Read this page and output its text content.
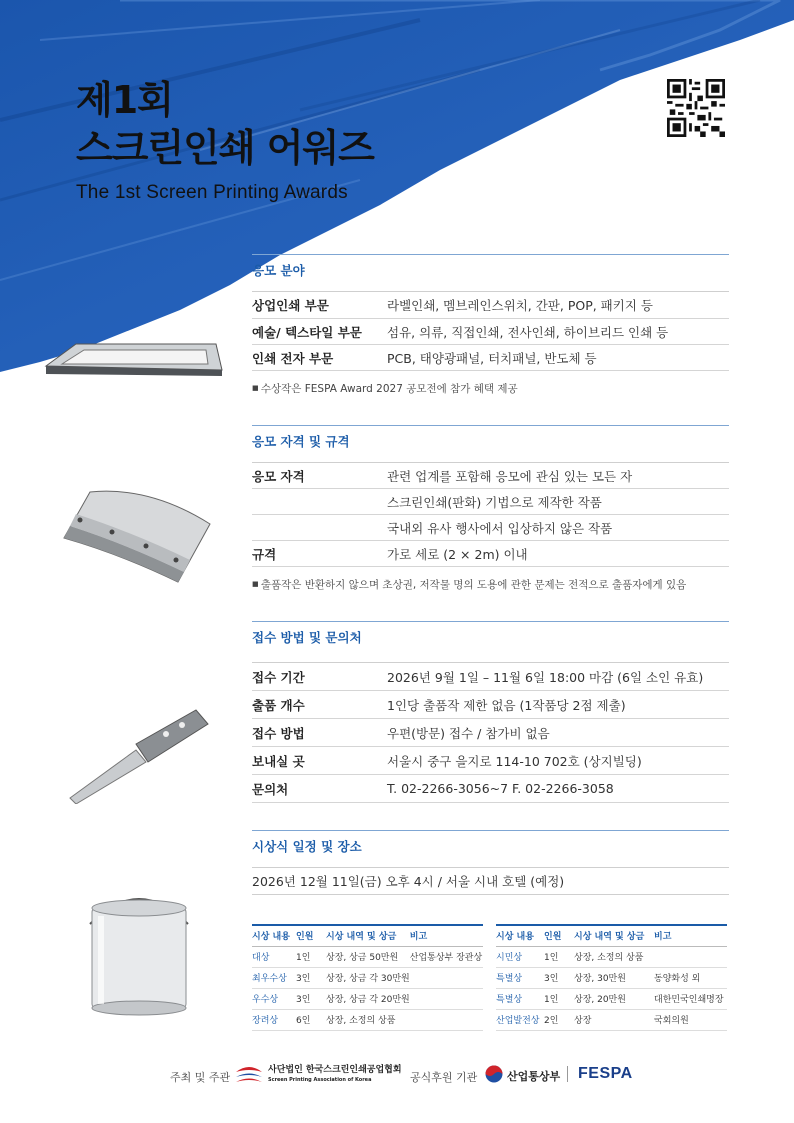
제1회
스크린인쇄 어워즈
The 1st Screen Printing Awards
응모 분야
상업인쇄 부문	라벨인쇄, 멤브레인스위치, 간판, POP, 패키지 등
예술/ 텍스타일 부문	섬유, 의류, 직접인쇄, 전사인쇄, 하이브리드 인쇄 등
인쇄 전자 부문	PCB, 태양광패널, 터치패널, 반도체 등
■ 수상작은 FESPA Award 2027 공모전에 참가 혜택 제공
응모 자격 및 규격
응모 자격	관련 업계를 포함해 응모에 관심 있는 모든 자
스크린인쇄(판화) 기법으로 제작한 작품
국내외 유사 행사에서 입상하지 않은 작품
규격	가로 세로 (2 × 2m) 이내
■ 출품작은 반환하지 않으며 초상권, 저작물 명의 도용에 관한 문제는 전적으로 출품자에게 있음
접수 방법 및 문의처
접수 기간	2026년 9월 1일 – 11월 6일 18:00 마감 (6일 소인 유효)
출품 개수	1인당 출품작 제한 없음 (1작품당 2점 제출)
접수 방법	우편(방문) 접수 / 참가비 없음
보내실 곳	서울시 중구 을지로 114-10 702호 (상지빌딩)
문의처	T. 02-2266-3056~7 F. 02-2266-3058
시상식 일정 및 장소
2026년 12월 11일(금) 오후 4시 / 서울 시내 호텔 (예정)
시상 내용	인원	시상 내역 및 상금	비고
대상	1인	상장, 상금 50만원	산업통상부 장관상
최우수상	3인	상장, 상금 각 30만원	
우수상	3인	상장, 상금 각 20만원	
장려상	6인	상장, 소정의 상품	
시상 내용	인원	시상 내역 및 상금	비고
시민상	1인	상장, 소정의 상품	
특별상	3인	상장, 30만원	동양화성 외
특별상	1인	상장, 20만원	대한민국인쇄명장
산업발전상	2인	상장	국회의원
주최 및 주관
사단법인 한국스크린인쇄공업협회
Screen Printing Association of Korea	공식후원 기관	산업통상부 FESPA
